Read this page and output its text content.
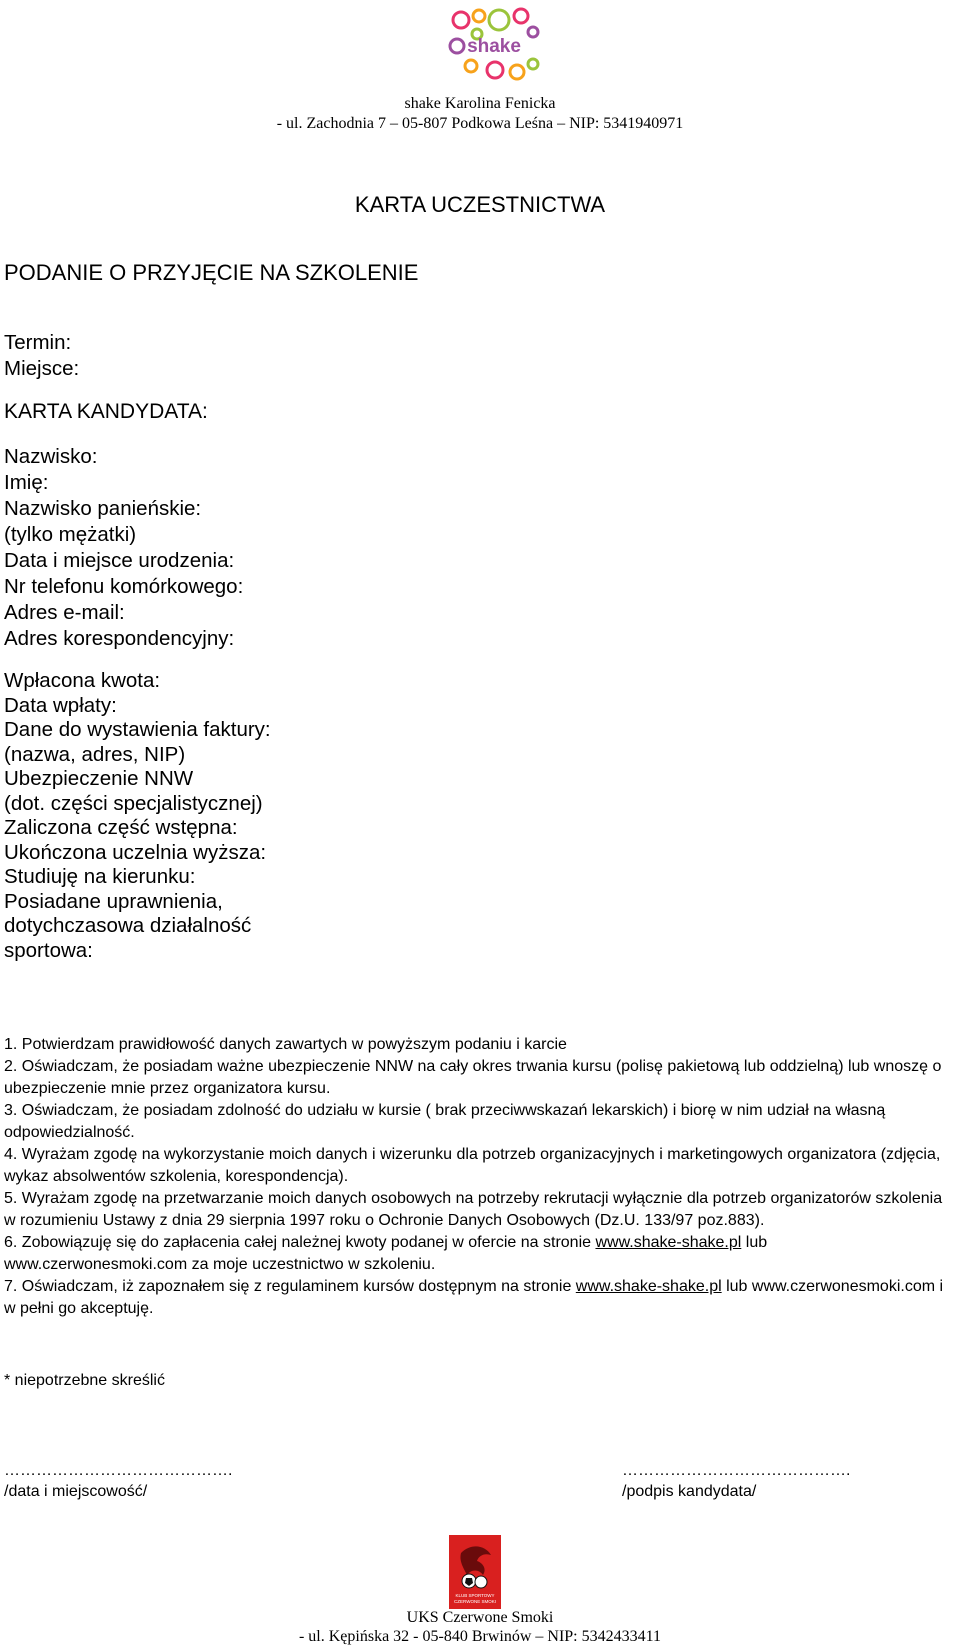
shake
shake Karolina Fenicka
- ul. Zachodnia 7 – 05-807 Podkowa Leśna – NIP: 5341940971
KARTA UCZESTNICTWA
PODANIE O PRZYJĘCIE NA SZKOLENIE
Termin:
Miejsce:
KARTA KANDYDATA:
Nazwisko:
Imię:
Nazwisko panieńskie:
(tylko mężatki)
Data i miejsce urodzenia:
Nr telefonu komórkowego:
Adres e-mail:
Adres korespondencyjny:
Wpłacona kwota:
Data wpłaty:
Dane do wystawienia faktury:
(nazwa, adres, NIP)
Ubezpieczenie NNW
(dot. części specjalistycznej)
Zaliczona część wstępna:
Ukończona uczelnia wyższa:
Studiuję na kierunku:
Posiadane uprawnienia,
dotychczasowa działalność
sportowa:

1. Potwierdzam prawidłowość danych zawartych w powyższym podaniu i karcie

2. Oświadczam, że posiadam ważne ubezpieczenie NNW na cały okres trwania kursu (polisę pakietową lub oddzielną) lub wnoszę o ubezpieczenie mnie przez organizatora kursu.

3. Oświadczam, że posiadam zdolność do udziału w kursie ( brak przeciwwskazań lekarskich) i biorę w nim udział na własną odpowiedzialność.

4. Wyrażam zgodę na wykorzystanie moich danych i wizerunku dla potrzeb organizacyjnych i marketingowych organizatora (zdjęcia, wykaz absolwentów szkolenia, korespondencja).

5. Wyrażam zgodę na przetwarzanie moich danych osobowych na potrzeby rekrutacji wyłącznie dla potrzeb organizatorów szkolenia w rozumieniu Ustawy z dnia 29 sierpnia 1997 roku o Ochronie Danych Osobowych (Dz.U. 133/97 poz.883).

6. Zobowiązuję się do zapłacenia całej należnej kwoty podanej w ofercie na stronie www.shake-shake.pl lub www.czerwonesmoki.com za moje uczestnictwo w szkoleniu.

7. Oświadczam, iż zapoznałem się z regulaminem kursów dostępnym na stronie www.shake-shake.pl lub www.czerwonesmoki.com i w pełni go akceptuję.

* niepotrzebne skreślić
…………………………………….
/data i miejscowość/
…………………………………….
/podpis kandydata/
KLUB SPORTOWY
CZERWONE SMOKI
UKS Czerwone Smoki
- ul. Kępińska 32 - 05-840 Brwinów – NIP: 5342433411
